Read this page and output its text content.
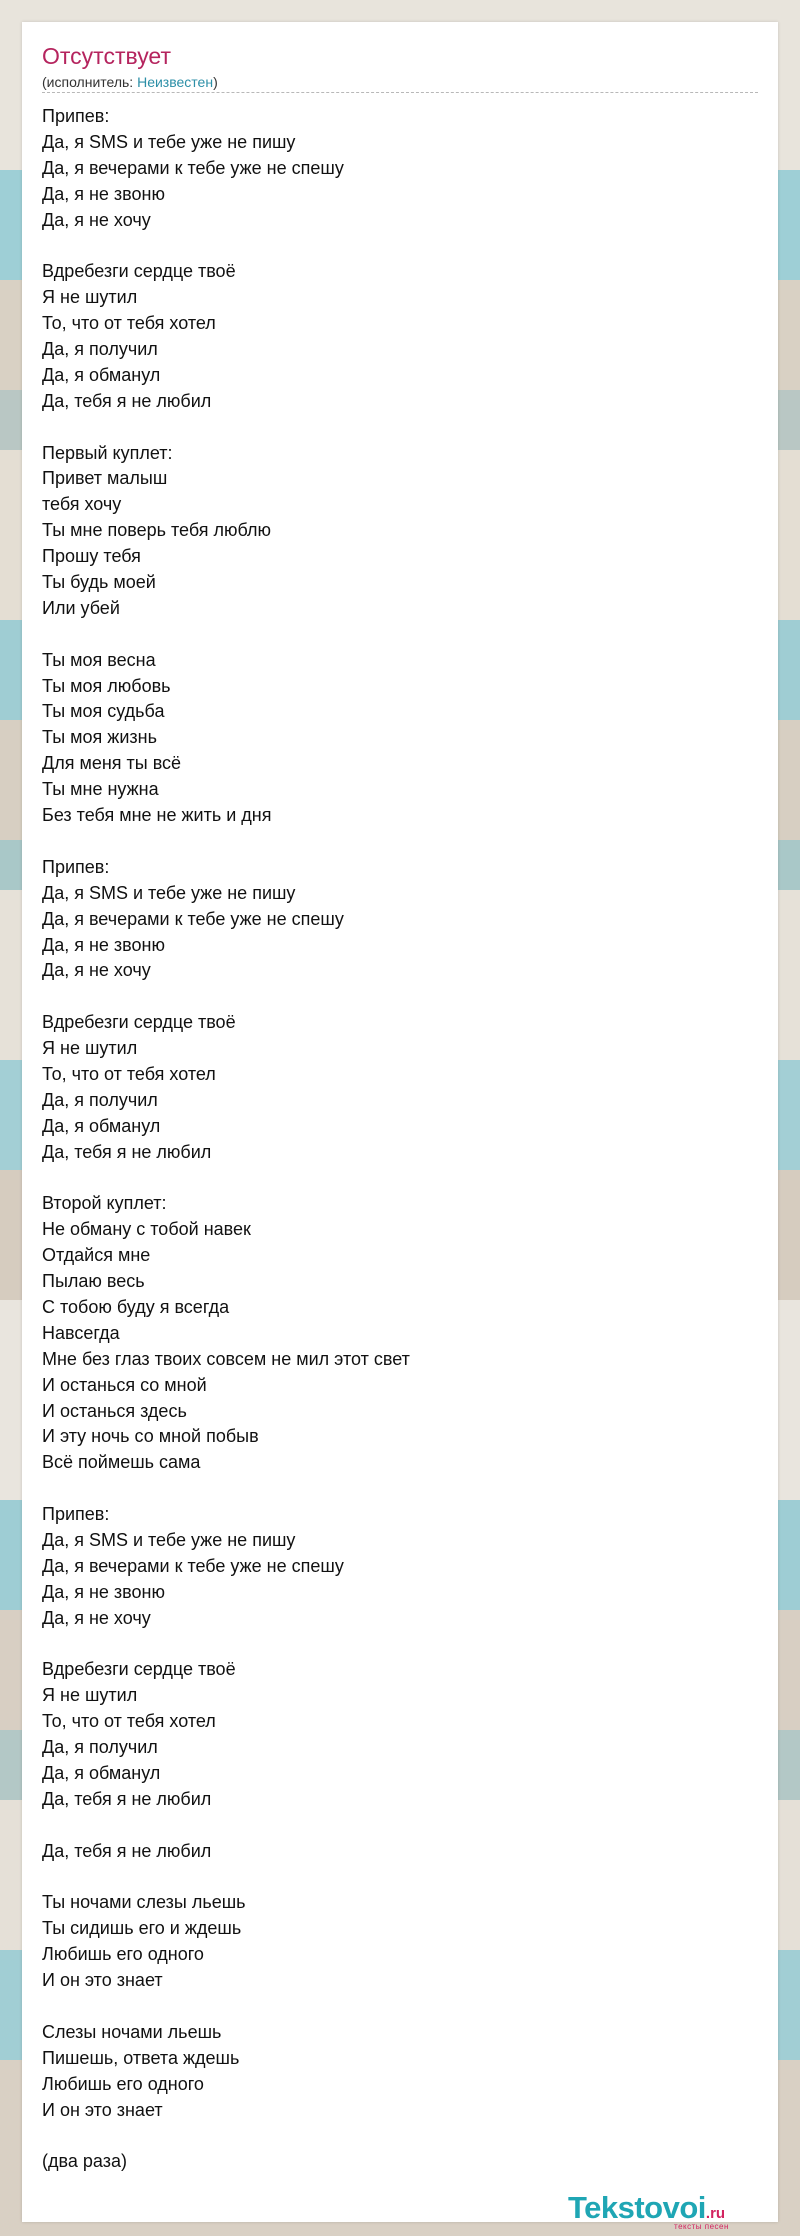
Отсутствует
(исполнитель: Неизвестен)
Припев:
Да, я SMS и тебе уже не пишу
Да, я вечерами к тебе уже не спешу
Да, я не звоню
Да, я не хочу
Вдребезги сердце твоё
Я не шутил
То, что от тебя хотел
Да, я получил
Да, я обманул
Да, тебя я не любил
Первый куплет:
Привет малыш
тебя хочу
Ты мне поверь тебя люблю
Прошу тебя
Ты будь моей
Или убей
Ты моя весна
Ты моя любовь
Ты моя судьба
Ты моя жизнь
Для меня ты всё
Ты мне нужна
Без тебя мне не жить и дня
Припев:
Да, я SMS и тебе уже не пишу
Да, я вечерами к тебе уже не спешу
Да, я не звоню
Да, я не хочу
Вдребезги сердце твоё
Я не шутил
То, что от тебя хотел
Да, я получил
Да, я обманул
Да, тебя я не любил
Второй куплет:
Не обману с тобой навек
Отдайся мне
Пылаю весь
С тобою буду я всегда
Навсегда
Мне без глаз твоих совсем не мил этот свет
И останься со мной
И останься здесь
И эту ночь со мной побыв
Всё поймешь сама
Припев:
Да, я SMS и тебе уже не пишу
Да, я вечерами к тебе уже не спешу
Да, я не звоню
Да, я не хочу
Вдребезги сердце твоё
Я не шутил
То, что от тебя хотел
Да, я получил
Да, я обманул
Да, тебя я не любил
Да, тебя я не любил
Ты ночами слезы льешь
Ты сидишь его и ждешь
Любишь его одного
И он это знает
Слезы ночами льешь
Пишешь, ответа ждешь
Любишь его одного
И он это знает
(два раза)
Tekstovoi.ru
тексты песен
